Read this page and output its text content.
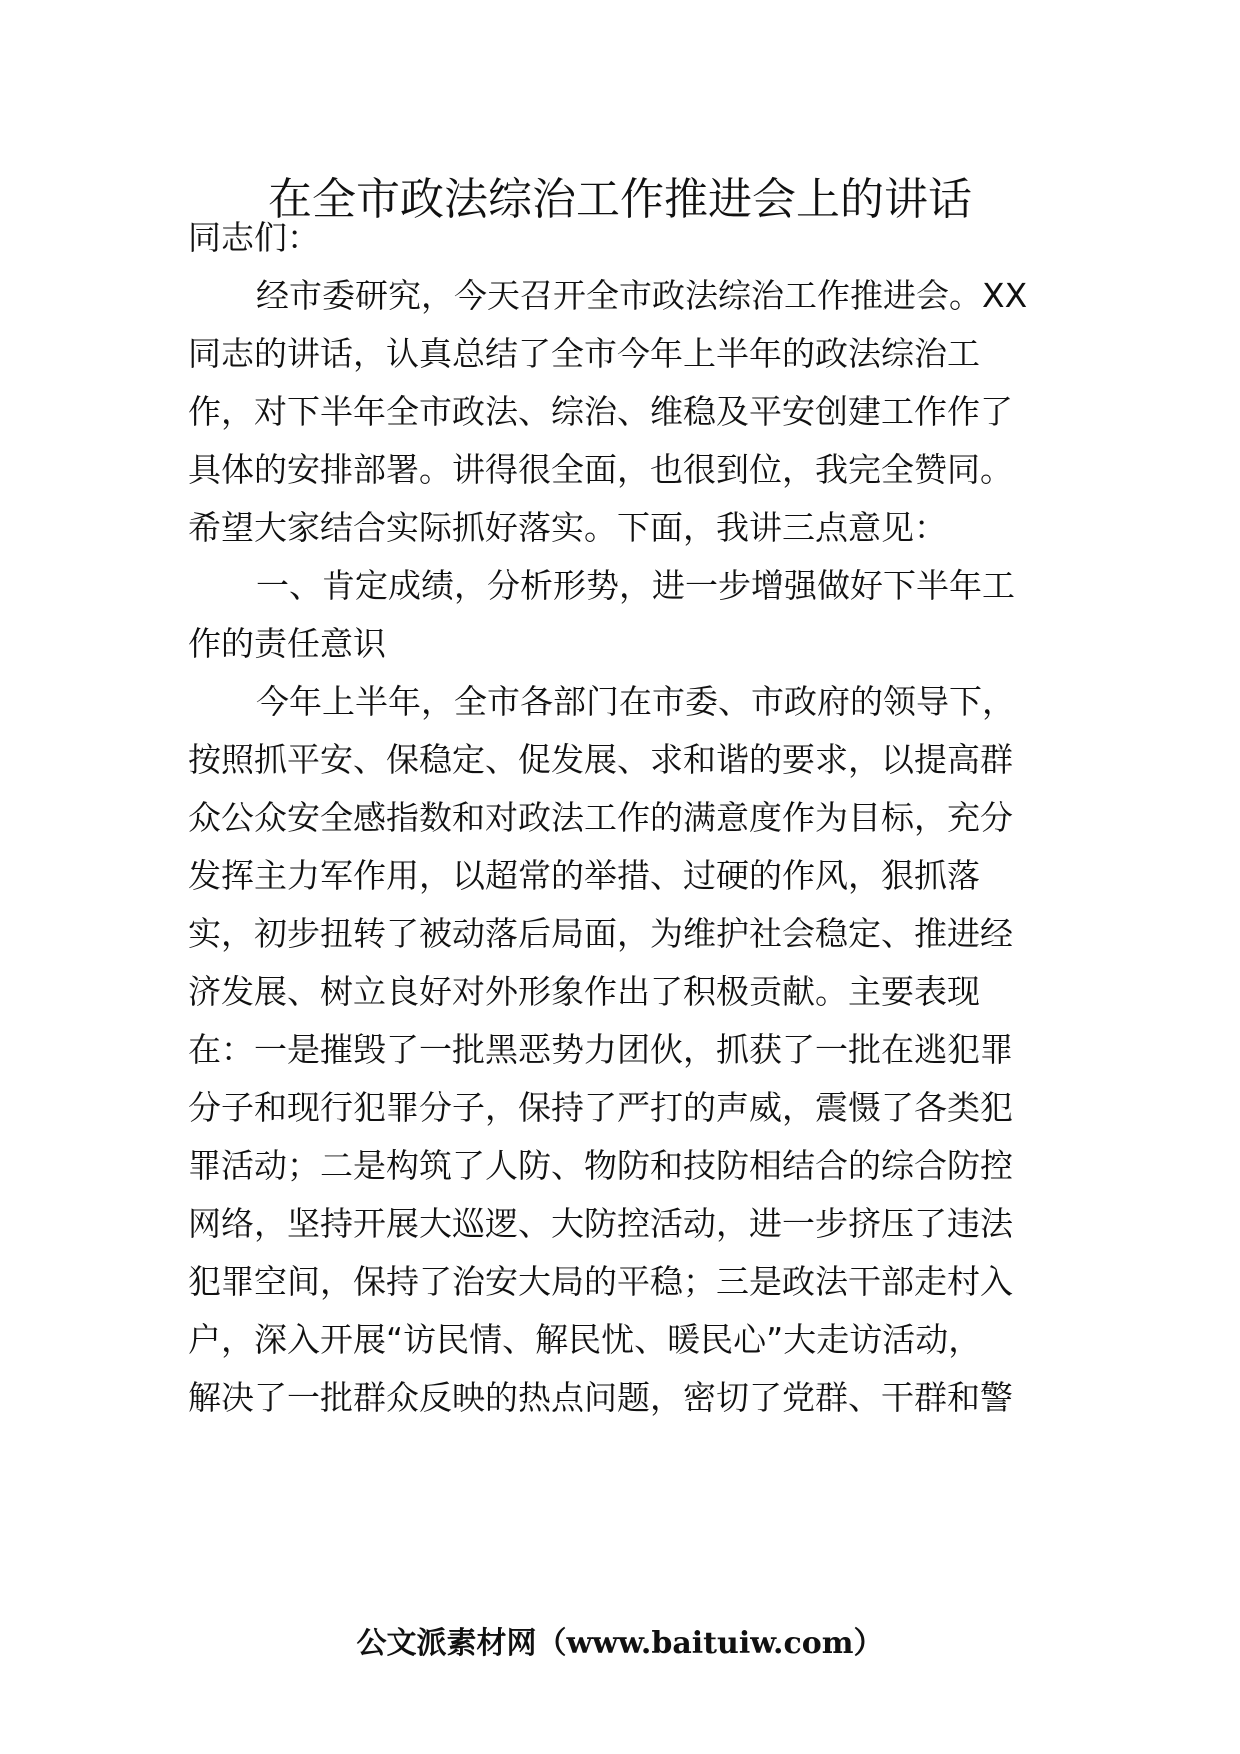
在全市政法综治工作推进会上的讲话
同志们：
经市委研究，今天召开全市政法综治工作推进会。XX
同志的讲话，认真总结了全市今年上半年的政法综治工
作，对下半年全市政法、综治、维稳及平安创建工作作了
具体的安排部署。讲得很全面，也很到位，我完全赞同。
希望大家结合实际抓好落实。下面，我讲三点意见：
一、肯定成绩，分析形势，进一步增强做好下半年工
作的责任意识
今年上半年，全市各部门在市委、市政府的领导下，
按照抓平安、保稳定、促发展、求和谐的要求，以提高群
众公众安全感指数和对政法工作的满意度作为目标，充分
发挥主力军作用，以超常的举措、过硬的作风，狠抓落
实，初步扭转了被动落后局面，为维护社会稳定、推进经
济发展、树立良好对外形象作出了积极贡献。主要表现
在：一是摧毁了一批黑恶势力团伙，抓获了一批在逃犯罪
分子和现行犯罪分子，保持了严打的声威，震慑了各类犯
罪活动；二是构筑了人防、物防和技防相结合的综合防控
网络，坚持开展大巡逻、大防控活动，进一步挤压了违法
犯罪空间，保持了治安大局的平稳；三是政法干部走村入
户，深入开展“访民情、解民忧、暖民心”大走访活动，
解决了一批群众反映的热点问题，密切了党群、干群和警
公文派素材网（www.baituiw.com）
